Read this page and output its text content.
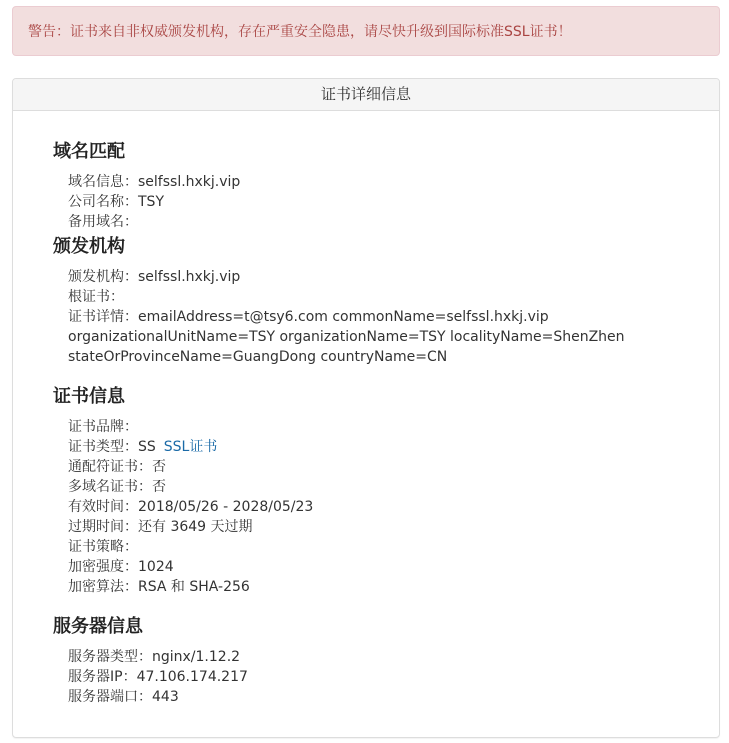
警告：证书来自非权威颁发机构，存在严重安全隐患，请尽快升级到国际标准SSL证书！
证书详细信息
域名匹配
域名信息：selfssl.hxkj.vip
公司名称：TSY
备用域名：
颁发机构
颁发机构：selfssl.hxkj.vip
根证书：
证书详情：emailAddress=t@tsy6.com commonName=selfssl.hxkj.vip
organizationalUnitName=TSY organizationName=TSY localityName=ShenZhen
stateOrProvinceName=GuangDong countryName=CN
证书信息
证书品牌：
证书类型：SS SSL证书
通配符证书：否
多域名证书：否
有效时间：2018/05/26 - 2028/05/23
过期时间：还有 3649 天过期
证书策略：
加密强度：1024
加密算法：RSA 和 SHA-256
服务器信息
服务器类型：nginx/1.12.2
服务器IP：47.106.174.217
服务器端口：443
